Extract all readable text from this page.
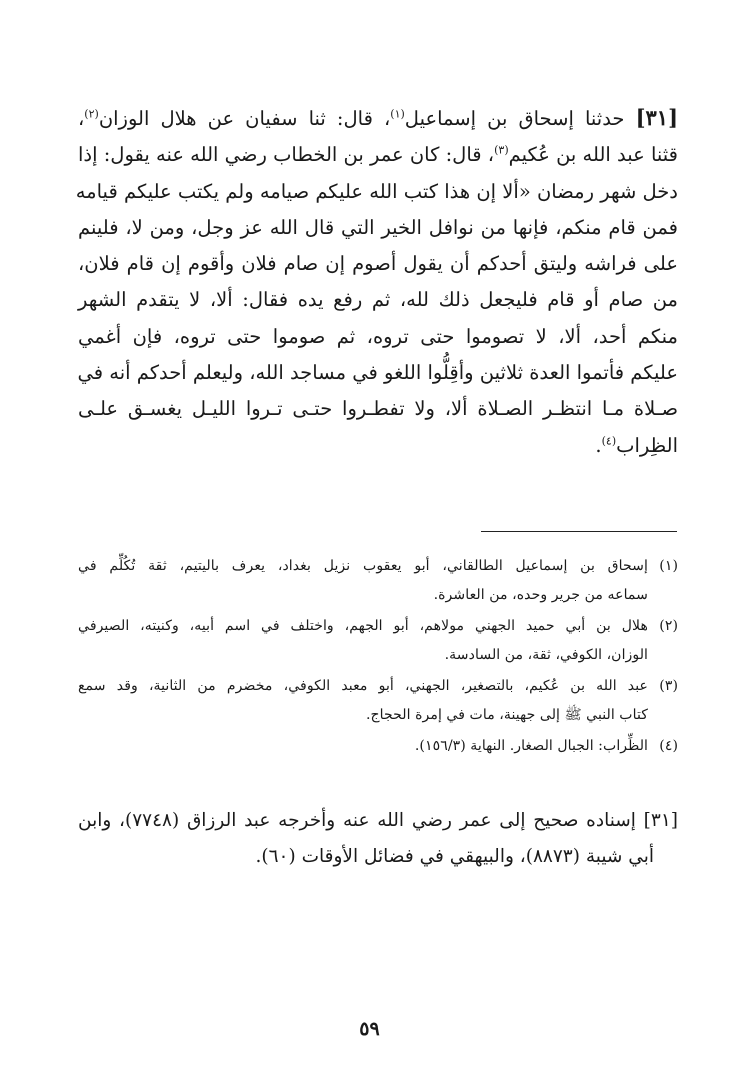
[٣١] حدثنا إسحاق بن إسماعيل$^{(١)}$، قال: ثنا سفيان عن هلال الوزان$^{(٢)}$،
قثنا عبد الله بن عُكيم$^{(٣)}$، قال: كان عمر بن الخطاب رضي الله عنه يقول: إذا
دخل شهر رمضان «ألا إن هذا كتب الله عليكم صيامه ولم يكتب عليكم قيامه
فمن قام منكم، فإنها من نوافل الخير التي قال الله عز وجل، ومن لا، فلينم
على فراشه وليتق أحدكم أن يقول أصوم إن صام فلان وأقوم إن قام فلان،
من صام أو قام فليجعل ذلك لله، ثم رفع يده فقال: ألا، لا يتقدم الشهر
منكم أحد، ألا، لا تصوموا حتى تروه، ثم صوموا حتى تروه، فإن أغمي
عليكم فأتموا العدة ثلاثين وأقِلُّوا اللغو في مساجد الله، وليعلم أحدكم أنه في
صـلاة مـا انتظـر الصـلاة ألا، ولا تفطـروا حتـى تـروا الليـل يغسـق علـى
الظِراب$^{(٤)}$.

(١)
إسحاق بن إسماعيل الطالقاني، أبو يعقوب نزيل بغداد، يعرف باليتيم، ثقة تُكُلِّم في
سماعه من جرير وحده، من العاشرة.
(٢)
هلال بن أبي حميد الجهني مولاهم، أبو الجهم، واختلف في اسم أبيه، وكنيته، الصيرفي
الوزان، الكوفي، ثقة، من السادسة.
(٣)
عبد الله بن عُكيم، بالتصغير، الجهني، أبو معبد الكوفي، مخضرم من الثانية، وقد سمع
كتاب النبي ﷺ إلى جهينة، مات في إمرة الحجاج.
(٤)
الظِّراب: الجبال الصغار. النهاية (١٥٦/٣).
[٣١] إسناده صحيح إلى عمر رضي الله عنه وأخرجه عبد الرزاق (٧٧٤٨)، وابن
أبي شيبة (٨٨٧٣)، والبيهقي في فضائل الأوقات (٦٠).
٥٩
